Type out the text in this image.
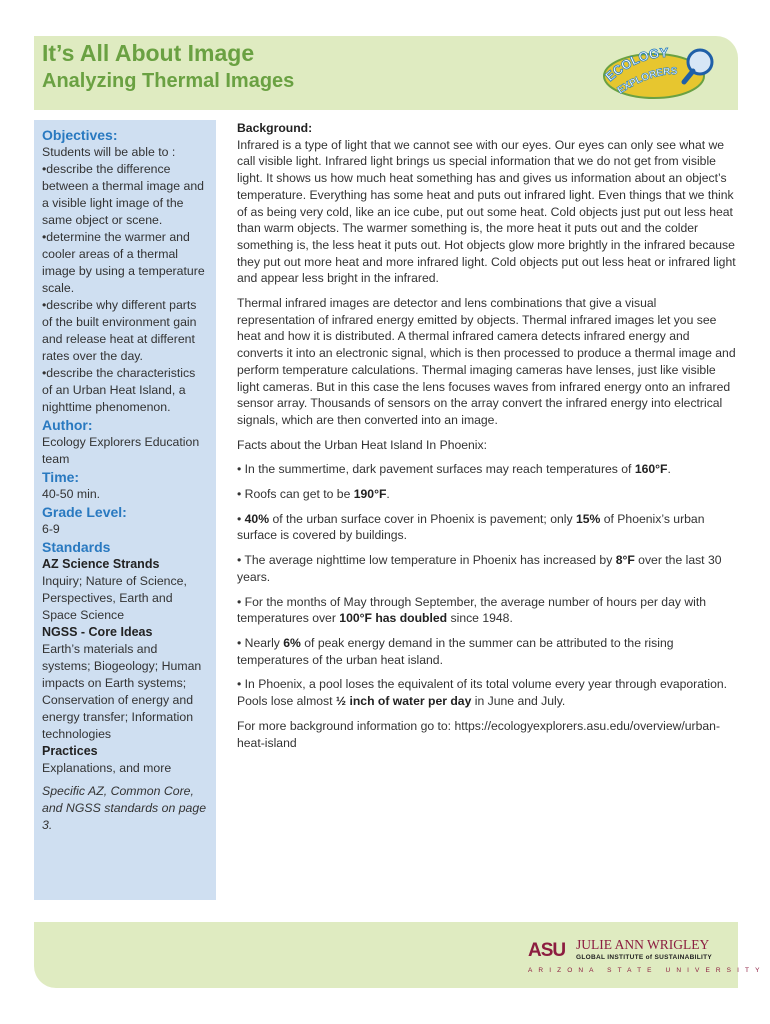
It’s All About Image
Analyzing Thermal Images	ECOLOGY
EXPLORERS

Objectives:

Students will be able to :

•describe the difference between a thermal image and a visible light image of the same object or scene.

•determine the warmer and cooler areas of a thermal image by using a temperature scale.

•describe why different parts of the built environment gain and release heat at different rates over the day.

•describe the characteristics of an Urban Heat Island, a nighttime phenomenon.

Author:

Ecology Explorers Education team

Time:

40-50 min.

Grade Level:

6-9

Standards

AZ Science Strands

Inquiry; Nature of Science, Perspectives, Earth and Space Science

NGSS - Core Ideas

Earth’s materials and systems; Biogeology; Human impacts on Earth systems; Conservation of energy and energy transfer; Information technologies

Practices

Explanations, and more

Specific AZ, Common Core, and NGSS standards on page 3.

Background:

Infrared is a type of light that we cannot see with our eyes. Our eyes can only see what we call visible light. Infrared light brings us special information that we do not get from visible light. It shows us how much heat something has and gives us information about an object’s temperature. Everything has some heat and puts out infrared light. Even things that we think of as being very cold, like an ice cube, put out some heat. Cold objects just put out less heat than warm objects. The warmer something is, the more heat it puts out and the colder something is, the less heat it puts out. Hot objects glow more brightly in the infrared because they put out more heat and more infrared light. Cold objects put out less heat or infrared light and appear less bright in the infrared.

Thermal infrared images are detector and lens combinations that give a visual representation of infrared energy emitted by objects. Thermal infrared images let you see heat and how it is distributed. A thermal infrared camera detects infrared energy and converts it into an electronic signal, which is then processed to produce a thermal image and perform temperature calculations. Thermal imaging cameras have lenses, just like visible light cameras. But in this case the lens focuses waves from infrared energy onto an infrared sensor array. Thousands of sensors on the array convert the infrared energy into electrical signals, which are then converted into an image.

Facts about the Urban Heat Island In Phoenix:

• In the summertime, dark pavement surfaces may reach temperatures of 160°F.

• Roofs can get to be 190°F.

• 40% of the urban surface cover in Phoenix is pavement; only 15% of Phoenix’s urban surface is covered by buildings.

• The average nighttime low temperature in Phoenix has increased by 8°F over the last 30 years.

• For the months of May through September, the average number of hours per day with temperatures over 100°F has doubled since 1948.

• Nearly 6% of peak energy demand in the summer can be attributed to the rising temperatures of the urban heat island.

• In Phoenix, a pool loses the equivalent of its total volume every year through evaporation. Pools lose almost ½ inch of water per day in June and July.

For more background information go to: https://ecologyexplorers.asu.edu/overview/urban-heat-island

ASU JULIE ANN WRIGLEY
GLOBAL INSTITUTE of SUSTAINABILITY
ARIZONA STATE UNIVERSITY
